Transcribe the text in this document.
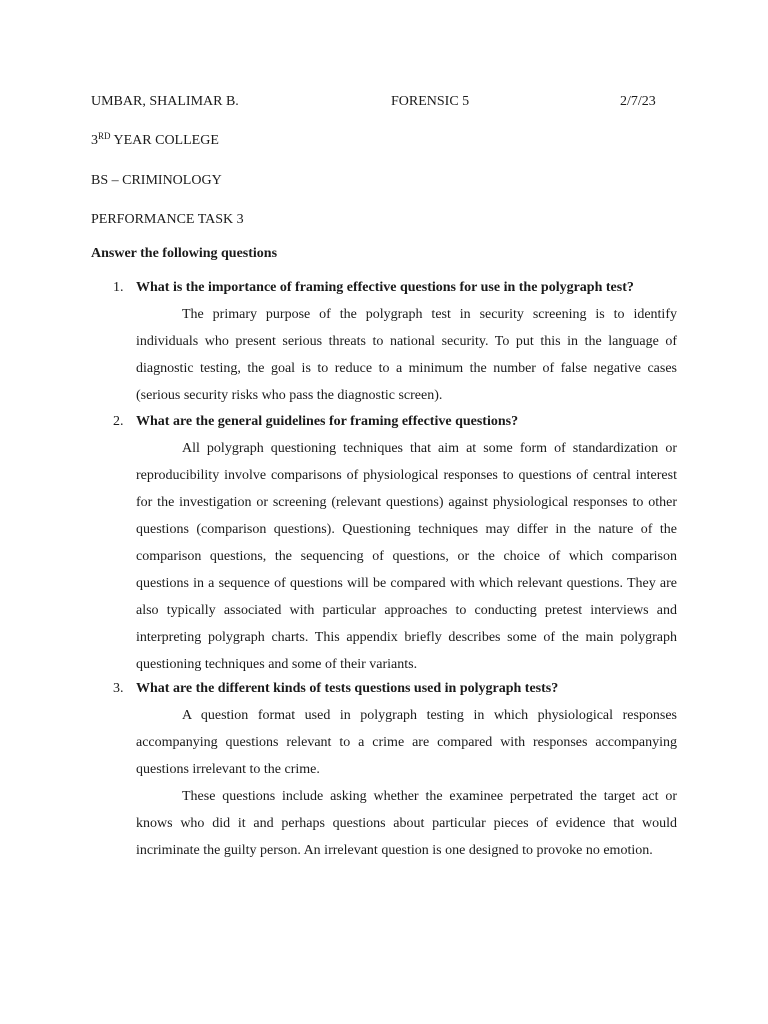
UMBAR, SHALIMAR B.	FORENSIC 5	2/7/23
3RD YEAR COLLEGE
BS – CRIMINOLOGY
PERFORMANCE TASK 3
Answer the following questions
1. What is the importance of framing effective questions for use in the polygraph test?

The primary purpose of the polygraph test in security screening is to identify individuals who present serious threats to national security. To put this in the language of diagnostic testing, the goal is to reduce to a minimum the number of false negative cases (serious security risks who pass the diagnostic screen).

2. What are the general guidelines for framing effective questions?

All polygraph questioning techniques that aim at some form of standardization or reproducibility involve comparisons of physiological responses to questions of central interest for the investigation or screening (relevant questions) against physiological responses to other questions (comparison questions). Questioning techniques may differ in the nature of the comparison questions, the sequencing of questions, or the choice of which comparison questions in a sequence of questions will be compared with which relevant questions. They are also typically associated with particular approaches to conducting pretest interviews and interpreting polygraph charts. This appendix briefly describes some of the main polygraph questioning techniques and some of their variants.

3. What are the different kinds of tests questions used in polygraph tests?

A question format used in polygraph testing in which physiological responses accompanying questions relevant to a crime are compared with responses accompanying questions irrelevant to the crime.

These questions include asking whether the examinee perpetrated the target act or knows who did it and perhaps questions about particular pieces of evidence that would incriminate the guilty person. An irrelevant question is one designed to provoke no emotion.
